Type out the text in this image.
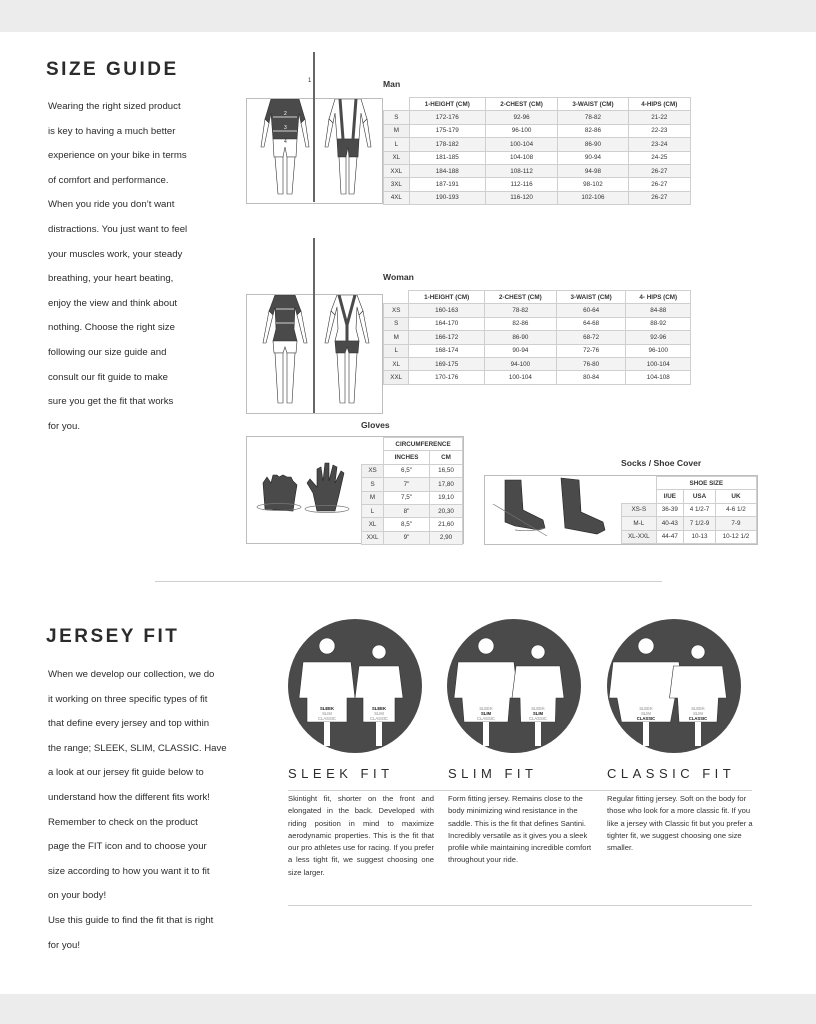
SIZE GUIDE

Wearing the right sized product

is key to having a much better

experience on your bike in terms

of comfort and performance.

When you ride you don’t want

distractions. You just want to feel

your muscles work, your steady

breathing, your heart beating,

enjoy the view and think about

nothing. Choose the right size

following our size guide and

consult our fit guide to make

sure you get the fit that works

for you.

2
3
4
1	Man
	1-HEIGHT (CM)	2-CHEST (CM)	3-WAIST (CM)	4-HIPS (CM)
S	172-176	92-96	78-82	21-22
M	175-179	96-100	82-86	22-23
L	178-182	100-104	86-90	23-24
XL	181-185	104-108	90-94	24-25
XXL	184-188	108-112	94-98	26-27
3XL	187-191	112-116	98-102	26-27
4XL	190-193	116-120	102-106	26-27
Woman
	1-HEIGHT (CM)	2-CHEST (CM)	3-WAIST (CM)	4- HIPS (CM)
XS	160-163	78-82	60-64	84-88
S	164-170	82-86	64-68	88-92
M	166-172	86-90	68-72	92-96
L	168-174	90-94	72-76	96-100
XL	169-175	94-100	76-80	100-104
XXL	170-176	100-104	80-84	104-108
Gloves
	CIRCUMFERENCE	
	INCHES	CM
XS	6,5"	16,50
S	7"	17,80
M	7,5"	19,10
L	8"	20,30
XL	8,5"	21,60
XXL	9"	2,90
Socks / Shoe Cover
	SHOE SIZE		
	I/UE	USA	UK
XS-S	36-39	4 1/2-7	4-6 1/2
M-L	40-43	7 1/2-9	7-9
XL-XXL	44-47	10-13	10-12 1/2
JERSEY FIT

When we develop our collection, we do

it working on three specific types of fit

that define every jersey and top within

the range; SLEEK, SLIM, CLASSIC. Have

a look at our jersey fit guide below to

understand how the different fits work!

Remember to check on the product

page the FIT icon and to choose your

size according to how you want it to fit

on your body!

Use this guide to find the fit that is right

for you!

SLEEK
SLIM
CLASSIC
SLEEK
SLIM
CLASSIC
SLEEK FIT
Skintight fit, shorter on the front and elongated in the back. Developed with riding position in mind to maximize aerodynamic properties. This is the fit that our pro athletes use for racing. If you prefer a less tight fit, we suggest choosing one size larger.
SLEEK
SLIM
CLASSIC
SLEEK
SLIM
CLASSIC
SLIM FIT
Form fitting jersey. Remains close to the body minimizing wind resistance in the saddle. This is the fit that defines Santini. Incredibly versatile as it gives you a sleek profile while maintaining incredible comfort throughout your ride.
SLEEK
SLIM
CLASSIC
SLEEK
SLIM
CLASSIC
CLASSIC FIT
Regular fitting jersey. Soft on the body for those who look for a more classic fit. If you like a jersey with Classic fit but you prefer a tighter fit, we suggest choosing one size smaller.
